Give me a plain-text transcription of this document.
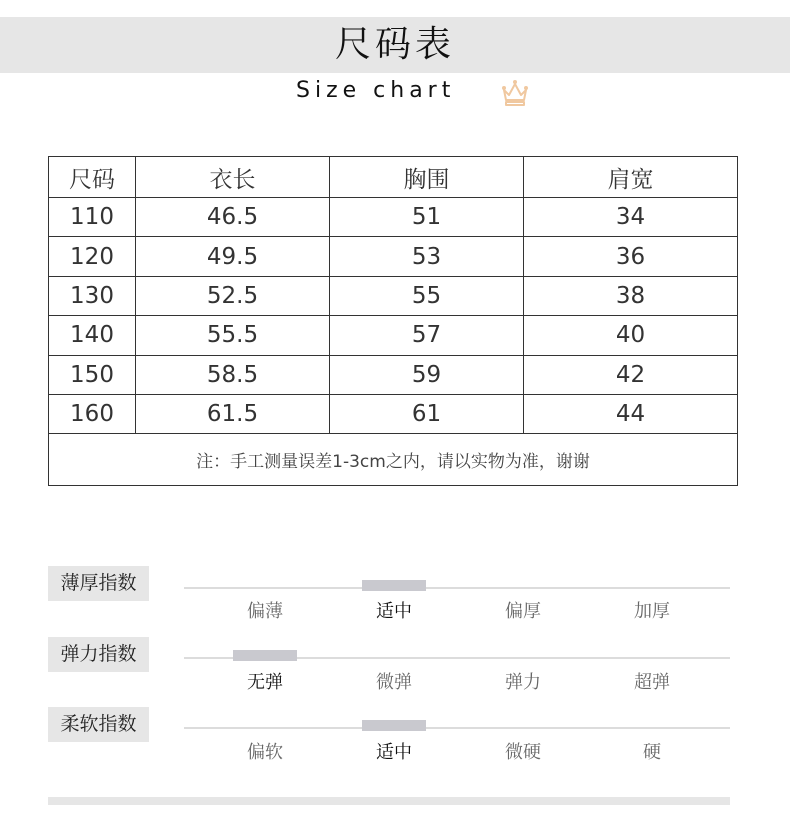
尺码表
Size chart
尺码	衣长	胸围	肩宽
110	46.5	51	34
120	49.5	53	36
130	52.5	55	38
140	55.5	57	40
150	58.5	59	42
160	61.5	61	44
注：手工测量误差1-3cm之内，请以实物为准，谢谢			
薄厚指数
偏薄	适中	偏厚	加厚
弹力指数
无弹	微弹	弹力	超弹
柔软指数
偏软	适中	微硬	硬
